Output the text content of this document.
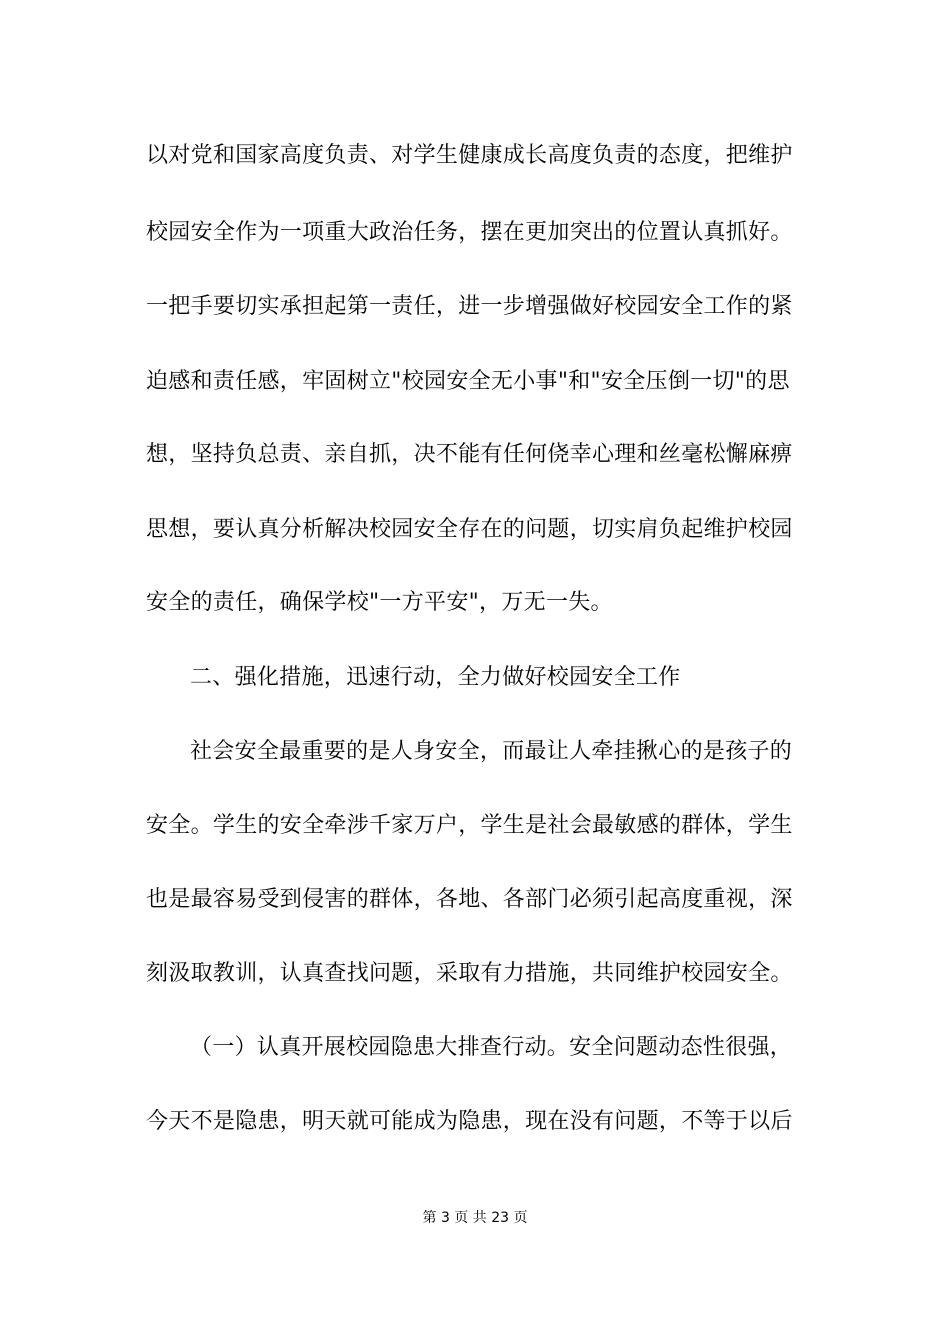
以对党和国家高度负责、对学生健康成长高度负责的态度，把维护
校园安全作为一项重大政治任务，摆在更加突出的位置认真抓好。
一把手要切实承担起第一责任，进一步增强做好校园安全工作的紧
迫感和责任感，牢固树立"校园安全无小事"和"安全压倒一切"的思
想，坚持负总责、亲自抓，决不能有任何侥幸心理和丝毫松懈麻痹
思想，要认真分析解决校园安全存在的问题，切实肩负起维护校园
安全的责任，确保学校"一方平安"，万无一失。
二、强化措施，迅速行动，全力做好校园安全工作
社会安全最重要的是人身安全，而最让人牵挂揪心的是孩子的
安全。学生的安全牵涉千家万户，学生是社会最敏感的群体，学生
也是最容易受到侵害的群体，各地、各部门必须引起高度重视，深
刻汲取教训，认真查找问题，采取有力措施，共同维护校园安全。
（一）认真开展校园隐患大排查行动。安全问题动态性很强，
今天不是隐患，明天就可能成为隐患，现在没有问题，不等于以后
第 3 页 共 23 页
